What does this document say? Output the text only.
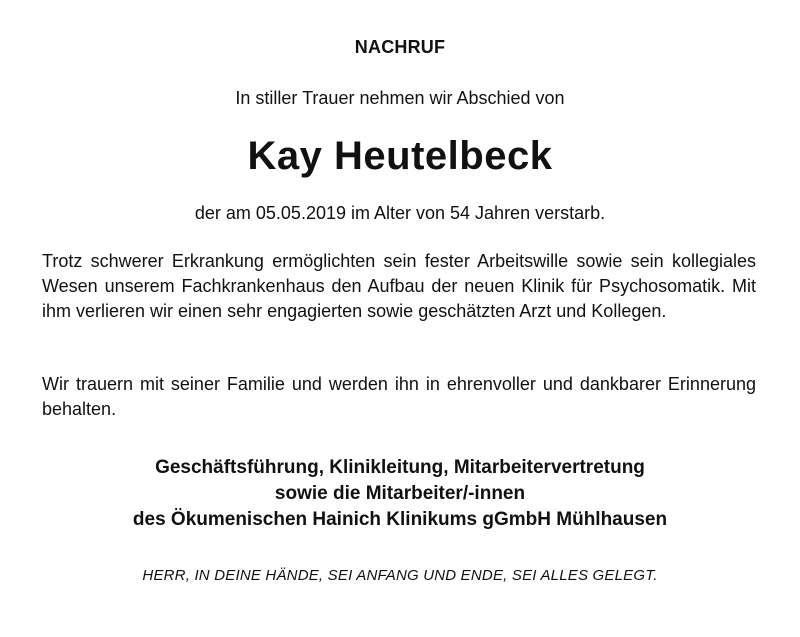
NACHRUF
In stiller Trauer nehmen wir Abschied von
Kay Heutelbeck
der am 05.05.2019 im Alter von 54 Jahren verstarb.
Trotz schwerer Erkrankung ermöglichten sein fester Arbeitswille sowie sein kollegiales Wesen unserem Fachkrankenhaus den Aufbau der neuen Klinik für Psychosomatik. Mit ihm verlieren wir einen sehr engagierten sowie geschätzten Arzt und Kollegen.
Wir trauern mit seiner Familie und werden ihn in ehrenvoller und dankbarer Erinnerung behalten.
Geschäftsführung, Klinikleitung, Mitarbeitervertretung
sowie die Mitarbeiter/-innen
des Ökumenischen Hainich Klinikums gGmbH Mühlhausen
HERR, IN DEINE HÄNDE, SEI ANFANG UND ENDE, SEI ALLES GELEGT.
